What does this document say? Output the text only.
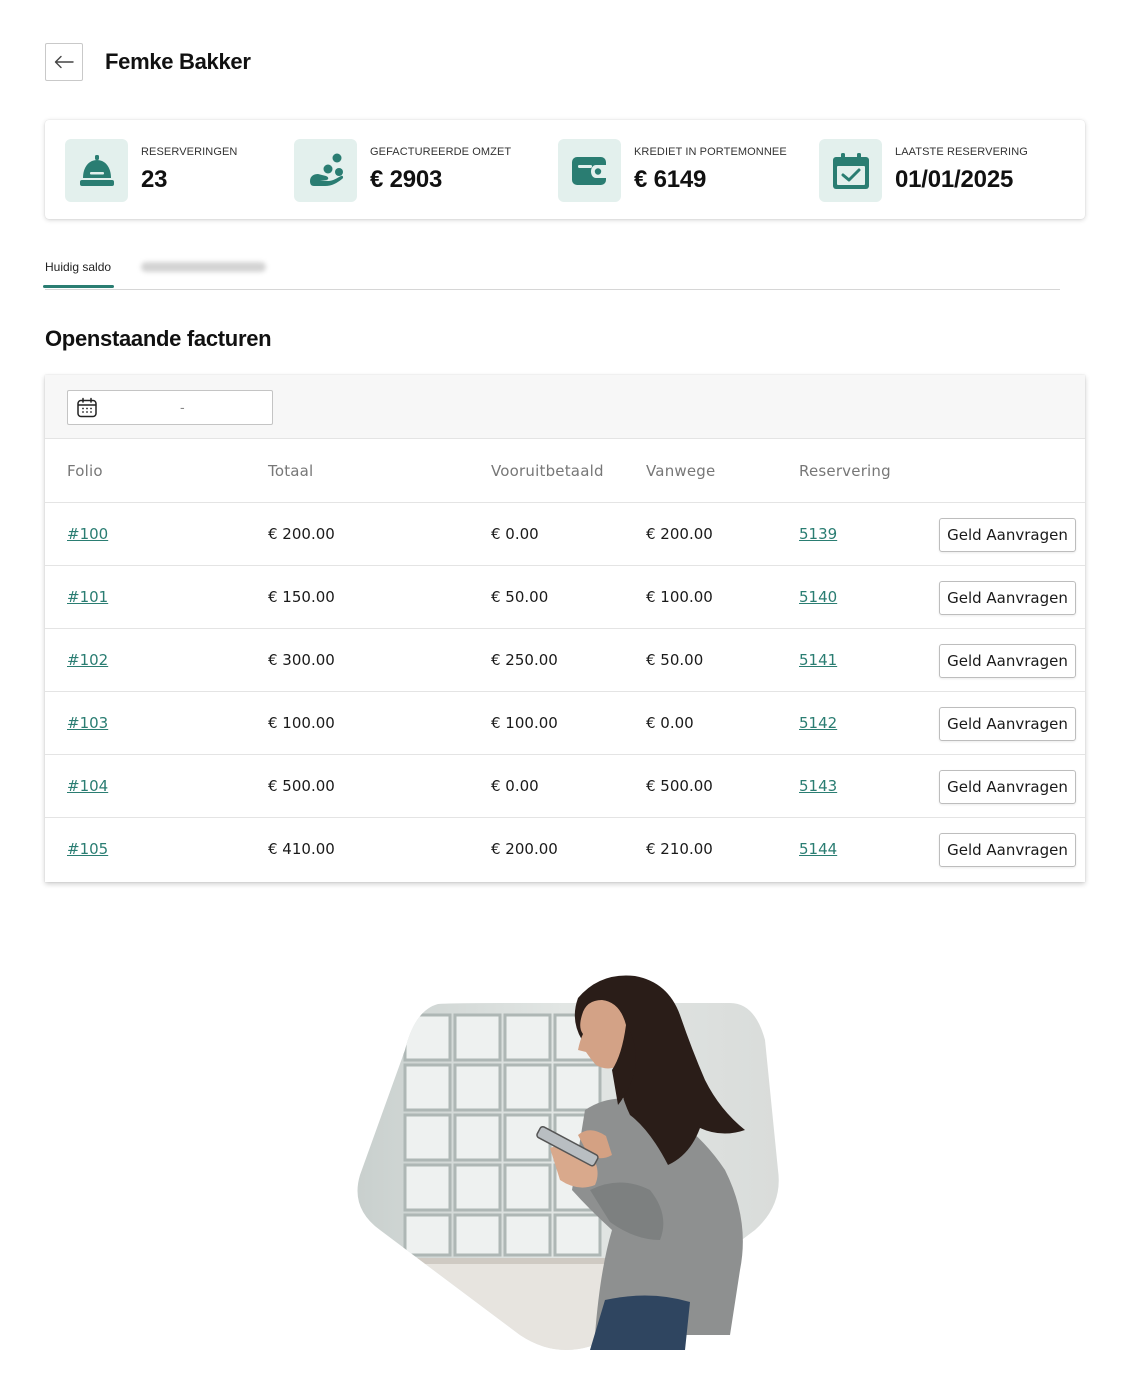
Femke Bakker
RESERVERINGEN
23
GEFACTUREERDE OMZET
€ 2903
KREDIET IN PORTEMONNEE
€ 6149
LAATSTE RESERVERING
01/01/2025
Huidig saldo
Openstaande facturen
-
Folio	Totaal	Vooruitbetaald	Vanwege	Reservering
#100	€ 200.00	€ 0.00	€ 200.00	5139	Geld Aanvragen
#101	€ 150.00	€ 50.00	€ 100.00	5140	Geld Aanvragen
#102	€ 300.00	€ 250.00	€ 50.00	5141	Geld Aanvragen
#103	€ 100.00	€ 100.00	€ 0.00	5142	Geld Aanvragen
#104	€ 500.00	€ 0.00	€ 500.00	5143	Geld Aanvragen
#105	€ 410.00	€ 200.00	€ 210.00	5144	Geld Aanvragen
